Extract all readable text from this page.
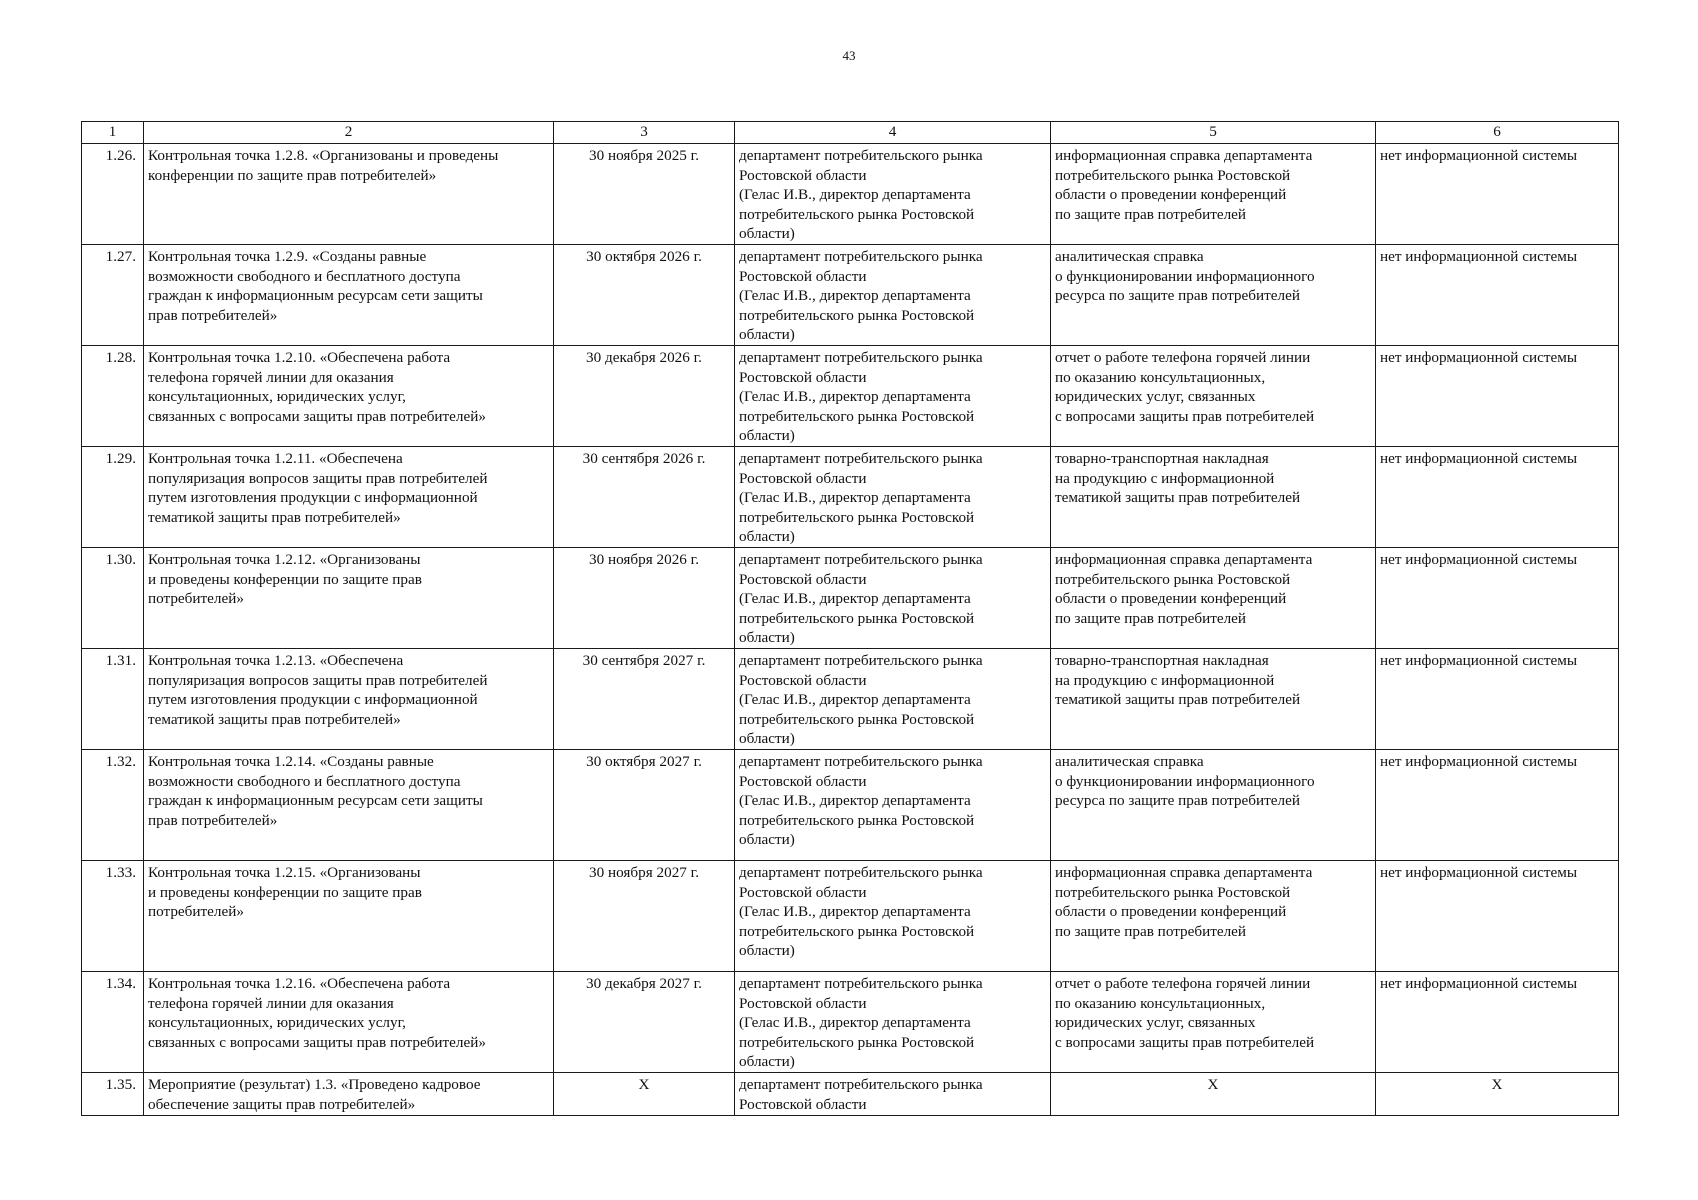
43
1	2	3	4	5	6
1.26.	Контрольная точка 1.2.8. «Организованы и проведены
конференции по защите прав потребителей»	30 ноября 2025 г.	департамент потребительского рынка
Ростовской области
(Гелас И.В., директор департамента
потребительского рынка Ростовской
области)	информационная справка департамента
потребительского рынка Ростовской
области о проведении конференций
по защите прав потребителей	нет информационной системы
1.27.	Контрольная точка 1.2.9. «Созданы равные
возможности свободного и бесплатного доступа
граждан к информационным ресурсам сети защиты
прав потребителей»	30 октября 2026 г.	департамент потребительского рынка
Ростовской области
(Гелас И.В., директор департамента
потребительского рынка Ростовской
области)	аналитическая справка
о функционировании информационного
ресурса по защите прав потребителей	нет информационной системы
1.28.	Контрольная точка 1.2.10. «Обеспечена работа
телефона горячей линии для оказания
консультационных, юридических услуг,
связанных с вопросами защиты прав потребителей»	30 декабря 2026 г.	департамент потребительского рынка
Ростовской области
(Гелас И.В., директор департамента
потребительского рынка Ростовской
области)	отчет о работе телефона горячей линии
по оказанию консультационных,
юридических услуг, связанных
с вопросами защиты прав потребителей	нет информационной системы
1.29.	Контрольная точка 1.2.11. «Обеспечена
популяризация вопросов защиты прав потребителей
путем изготовления продукции с информационной
тематикой защиты прав потребителей»	30 сентября 2026 г.	департамент потребительского рынка
Ростовской области
(Гелас И.В., директор департамента
потребительского рынка Ростовской
области)	товарно-транспортная накладная
на продукцию с информационной
тематикой защиты прав потребителей	нет информационной системы
1.30.	Контрольная точка 1.2.12. «Организованы
и проведены конференции по защите прав
потребителей»	30 ноября 2026 г.	департамент потребительского рынка
Ростовской области
(Гелас И.В., директор департамента
потребительского рынка Ростовской
области)	информационная справка департамента
потребительского рынка Ростовской
области о проведении конференций
по защите прав потребителей	нет информационной системы
1.31.	Контрольная точка 1.2.13. «Обеспечена
популяризация вопросов защиты прав потребителей
путем изготовления продукции с информационной
тематикой защиты прав потребителей»	30 сентября 2027 г.	департамент потребительского рынка
Ростовской области
(Гелас И.В., директор департамента
потребительского рынка Ростовской
области)	товарно-транспортная накладная
на продукцию с информационной
тематикой защиты прав потребителей	нет информационной системы
1.32.	Контрольная точка 1.2.14. «Созданы равные
возможности свободного и бесплатного доступа
граждан к информационным ресурсам сети защиты
прав потребителей»	30 октября 2027 г.	департамент потребительского рынка
Ростовской области
(Гелас И.В., директор департамента
потребительского рынка Ростовской
области)	аналитическая справка
о функционировании информационного
ресурса по защите прав потребителей	нет информационной системы
1.33.	Контрольная точка 1.2.15. «Организованы
и проведены конференции по защите прав
потребителей»	30 ноября 2027 г.	департамент потребительского рынка
Ростовской области
(Гелас И.В., директор департамента
потребительского рынка Ростовской
области)	информационная справка департамента
потребительского рынка Ростовской
области о проведении конференций
по защите прав потребителей	нет информационной системы
1.34.	Контрольная точка 1.2.16. «Обеспечена работа
телефона горячей линии для оказания
консультационных, юридических услуг,
связанных с вопросами защиты прав потребителей»	30 декабря 2027 г.	департамент потребительского рынка
Ростовской области
(Гелас И.В., директор департамента
потребительского рынка Ростовской
области)	отчет о работе телефона горячей линии
по оказанию консультационных,
юридических услуг, связанных
с вопросами защиты прав потребителей	нет информационной системы
1.35.	Мероприятие (результат) 1.3. «Проведено кадровое
обеспечение защиты прав потребителей»	X	департамент потребительского рынка
Ростовской области	X	X
